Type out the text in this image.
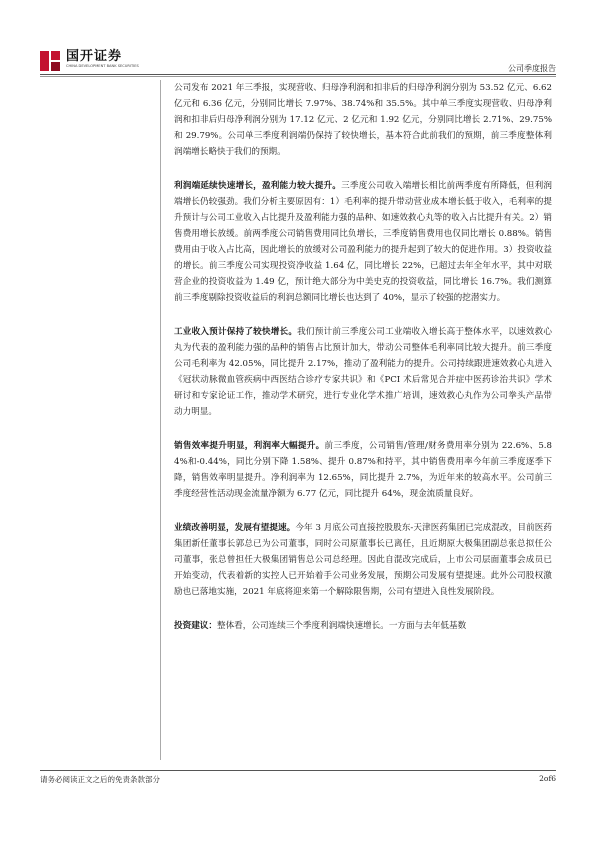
国开证券
CHINA DEVELOPMENT BANK SECURITIES	公司季度报告

公司发布 2021 年三季报，实现营收、归母净利润和扣非后的归母净利润分别为 53.52 亿元、6.62 亿元和 6.36 亿元，分别同比增长 7.97%、38.74%和 35.5%。其中单三季度实现营收、归母净利润和扣非后归母净利润分别为 17.12 亿元、2 亿元和 1.92 亿元，分别同比增长 2.71%、29.75%和 29.79%。公司单三季度利润端仍保持了较快增长，基本符合此前我们的预期，前三季度整体利润端增长略快于我们的预期。

利润端延续快速增长，盈利能力较大提升。三季度公司收入端增长相比前两季度有所降低，但利润端增长仍较强劲。我们分析主要原因有：1）毛利率的提升带动营业成本增长低于收入，毛利率的提升预计与公司工业收入占比提升及盈利能力强的品种、如速效救心丸等的收入占比提升有关。2）销售费用增长放缓。前两季度公司销售费用同比负增长，三季度销售费用也仅同比增长 0.88%。销售费用由于收入占比高，因此增长的放缓对公司盈利能力的提升起到了较大的促进作用。3）投资收益的增长。前三季度公司实现投资净收益 1.64 亿，同比增长 22%，已超过去年全年水平，其中对联营企业的投资收益为 1.49 亿，预计绝大部分为中美史克的投资收益，同比增长 16.7%。我们测算前三季度剔除投资收益后的利润总额同比增长也达到了 40%，显示了较强的挖潜实力。

工业收入预计保持了较快增长。我们预计前三季度公司工业端收入增长高于整体水平，以速效救心丸为代表的盈利能力强的品种的销售占比预计加大，带动公司整体毛利率同比较大提升。前三季度公司毛利率为 42.05%，同比提升 2.17%，推动了盈利能力的提升。公司持续跟进速效救心丸进入《冠状动脉微血管疾病中西医结合诊疗专家共识》和《PCI 术后常见合并症中医药诊治共识》学术研讨和专家论证工作，推动学术研究，进行专业化学术推广培训，速效救心丸作为公司拳头产品带动力明显。

销售效率提升明显，利润率大幅提升。前三季度，公司销售/管理/财务费用率分别为 22.6%、5.84%和-0.44%，同比分别下降 1.58%、提升 0.87%和持平，其中销售费用率今年前三季度逐季下降，销售效率明显提升。净利润率为 12.65%，同比提升 2.7%，为近年来的较高水平。公司前三季度经营性活动现金流量净额为 6.77 亿元，同比提升 64%，现金流质量良好。

业绩改善明显，发展有望提速。今年 3 月底公司直接控股股东-天津医药集团已完成混改，目前医药集团新任董事长郭总已为公司董事，同时公司原董事长已离任，且近期原大极集团副总张总拟任公司董事，张总曾担任大极集团销售总公司总经理。因此自混改完成后，上市公司层面董事会成员已开始变动，代表着新的实控人已开始着手公司业务发展，预期公司发展有望提速。此外公司股权激励也已落地实施，2021 年底将迎来第一个解除限售期，公司有望进入良性发展阶段。

投资建议：整体看，公司连续三个季度利润端快速增长。一方面与去年低基数

请务必阅读正文之后的免责条款部分	2of6
